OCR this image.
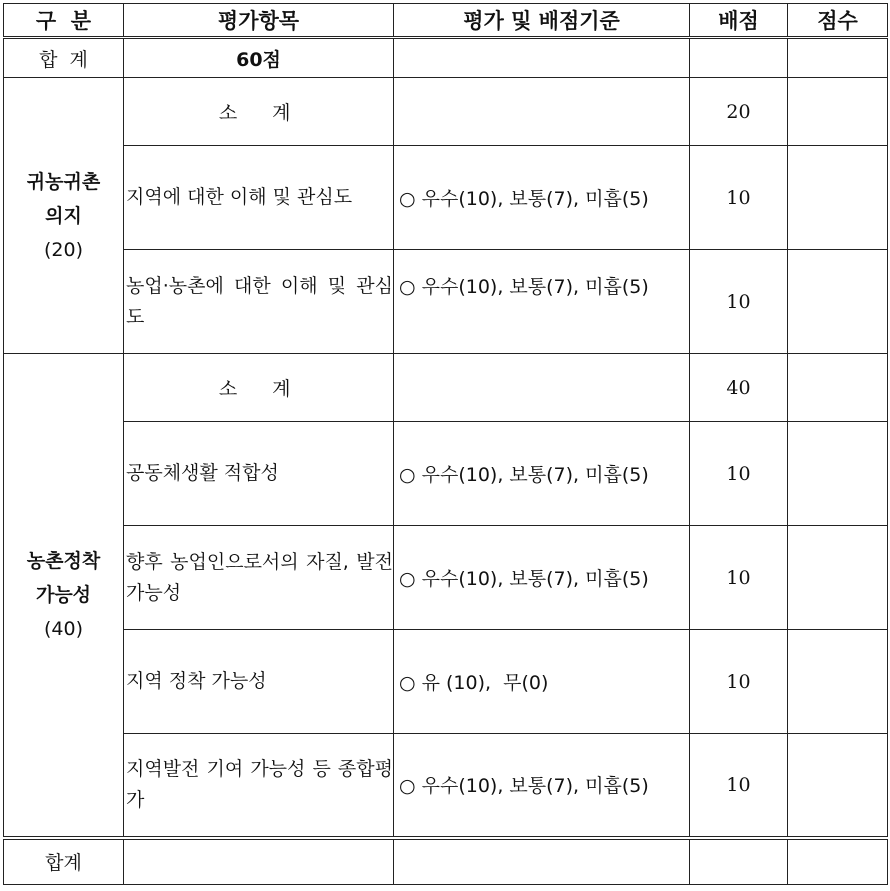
구  분	평가항목	평가 및 배점기준	배점	점수
합  계	60점			

귀농귀촌
의지
(20)	소  계		20	
	지역에 대한 이해 및 관심도	○ 우수(10), 보통(7), 미흡(5)	10	
	농업·농촌에 대한 이해 및 관심도	○ 우수(10), 보통(7), 미흡(5)	10	

농촌정착
가능성
(40)	소  계		40	
	공동체생활 적합성	○ 우수(10), 보통(7), 미흡(5)	10	
	향후 농업인으로서의 자질, 발전 가능성	○ 우수(10), 보통(7), 미흡(5)	10	
	지역 정착 가능성	○ 유 (10),  무(0)	10	
	지역발전 기여 가능성 등 종합평가	○ 우수(10), 보통(7), 미흡(5)	10	
합계				
